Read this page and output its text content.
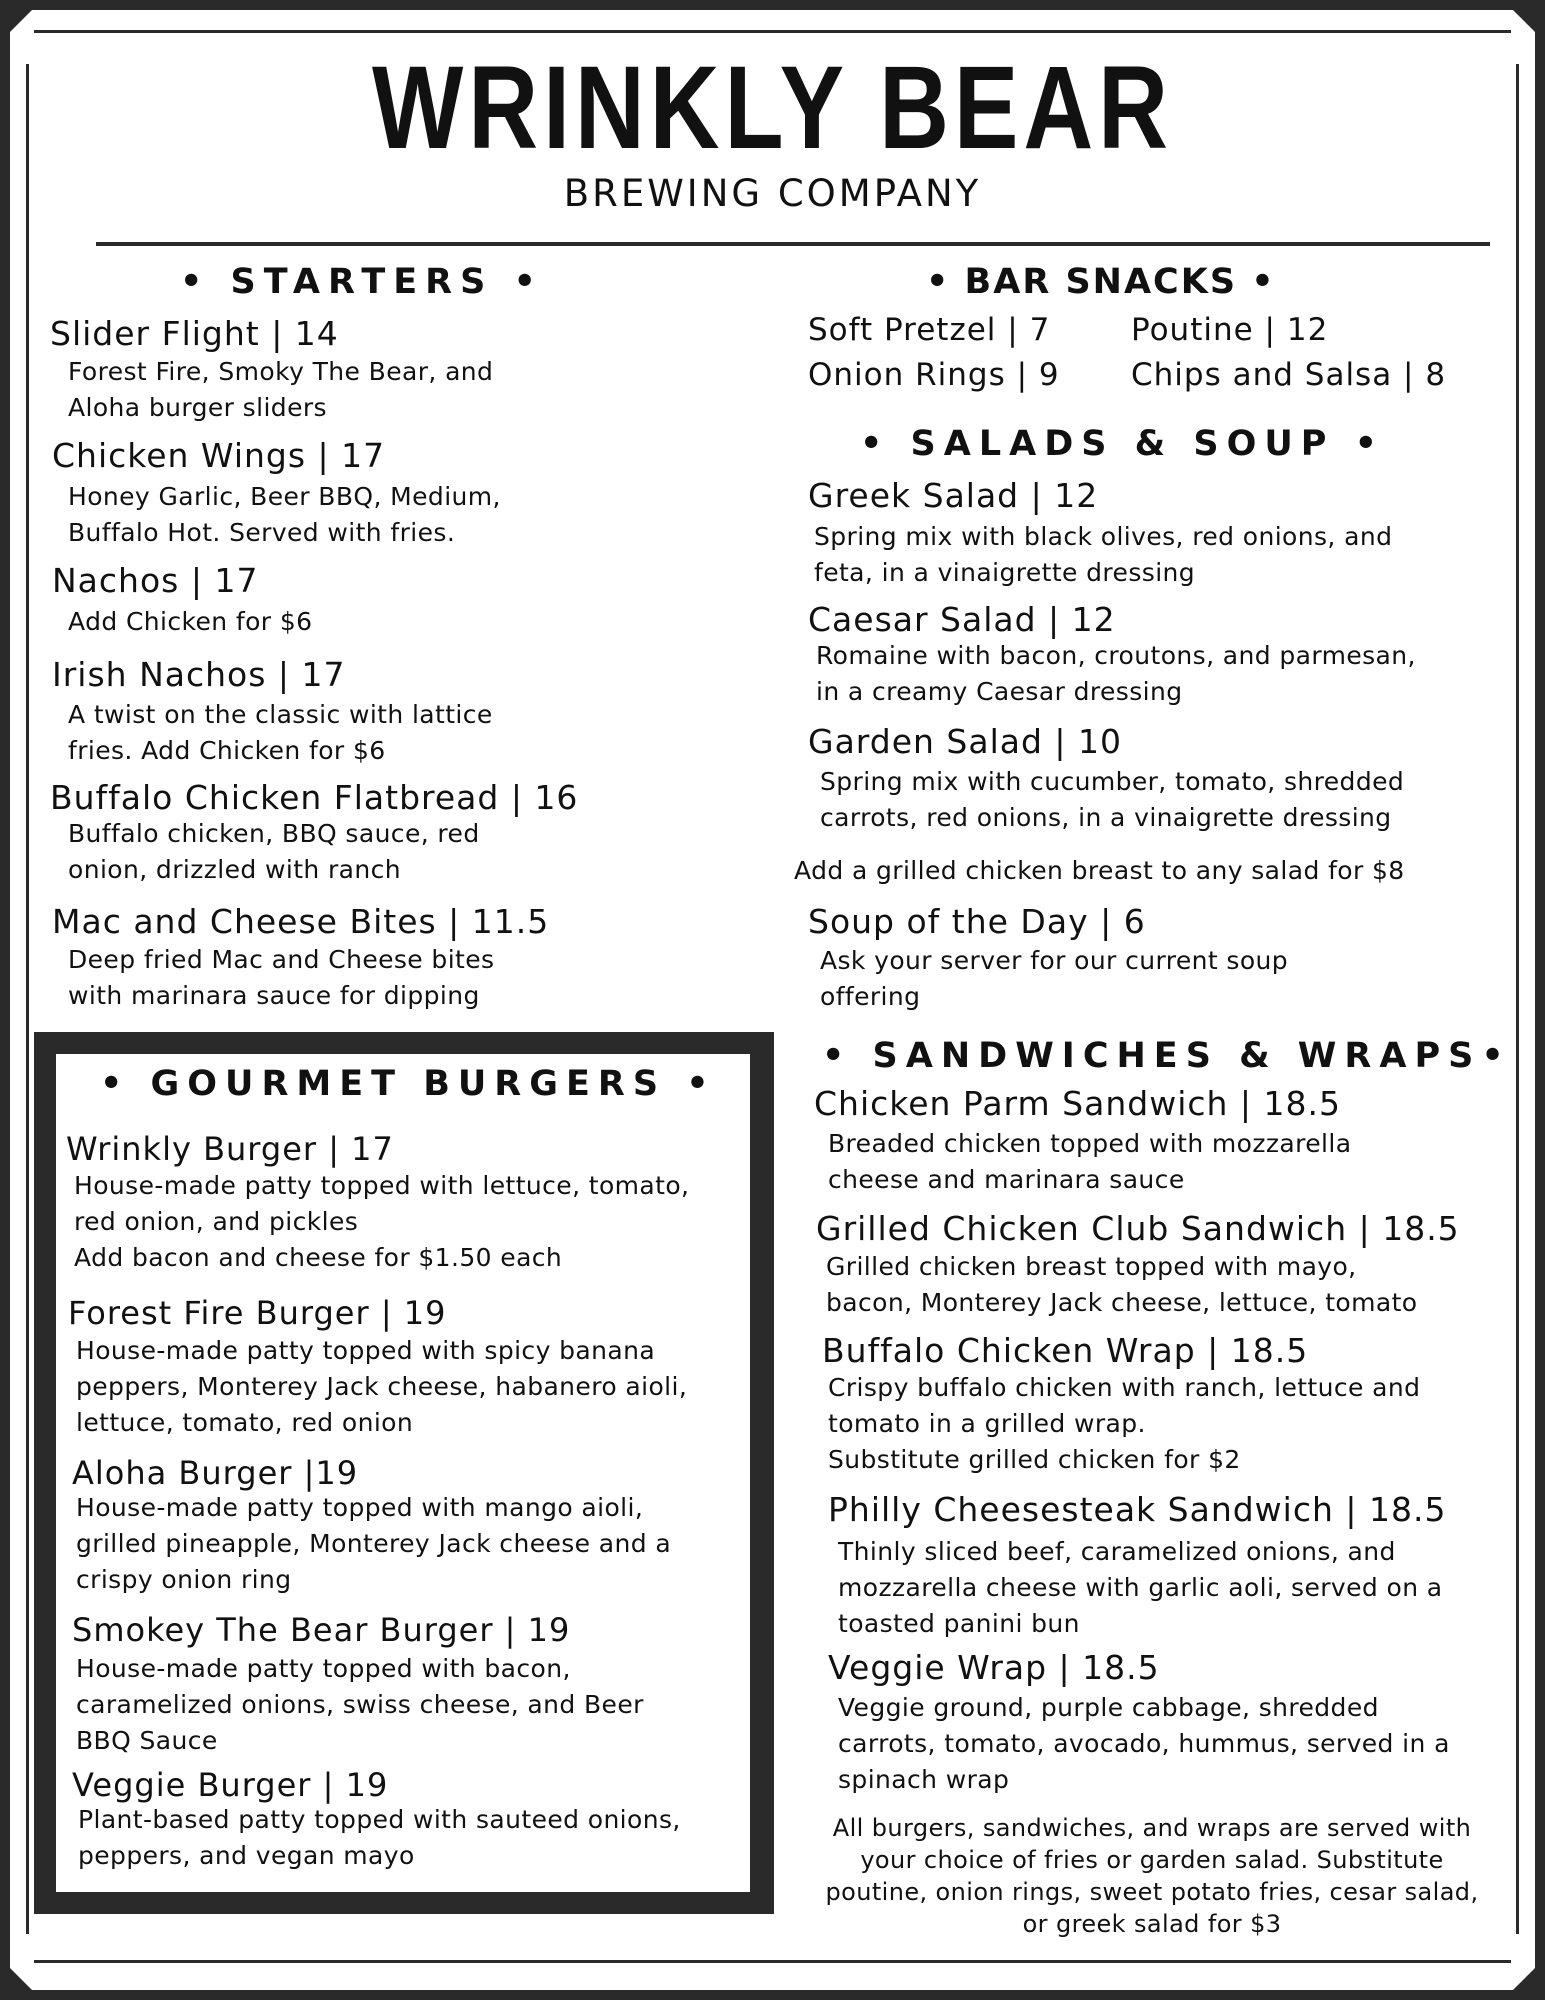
WRINKLY BEAR
BREWING COMPANY
• STARTERS •
Slider Flight | 14
Forest Fire, Smoky The Bear, and
Aloha burger sliders
Chicken Wings | 17
Honey Garlic, Beer BBQ, Medium,
Buffalo Hot. Served with fries.
Nachos | 17
Add Chicken for $6
Irish Nachos | 17
A twist on the classic with lattice
fries. Add Chicken for $6
Buffalo Chicken Flatbread | 16
Buffalo chicken, BBQ sauce, red
onion, drizzled with ranch
Mac and Cheese Bites | 11.5
Deep fried Mac and Cheese bites
with marinara sauce for dipping
• BAR SNACKS •
Soft Pretzel | 7	Poutine | 12
Onion Rings | 9 Chips and Salsa | 8
• SALADS & SOUP •
Greek Salad | 12
Spring mix with black olives, red onions, and
feta, in a vinaigrette dressing
Caesar Salad | 12
Romaine with bacon, croutons, and parmesan,
in a creamy Caesar dressing
Garden Salad | 10
Spring mix with cucumber, tomato, shredded
carrots, red onions, in a vinaigrette dressing
Add a grilled chicken breast to any salad for $8
Soup of the Day | 6
Ask your server for our current soup
offering
• GOURMET BURGERS •
Wrinkly Burger | 17
House-made patty topped with lettuce, tomato,
red onion, and pickles
Add bacon and cheese for $1.50 each
Forest Fire Burger | 19
House-made patty topped with spicy banana
peppers, Monterey Jack cheese, habanero aioli,
lettuce, tomato, red onion
Aloha Burger |19
House-made patty topped with mango aioli,
grilled pineapple, Monterey Jack cheese and a
crispy onion ring
Smokey The Bear Burger | 19
House-made patty topped with bacon,
caramelized onions, swiss cheese, and Beer
BBQ Sauce
Veggie Burger | 19
Plant-based patty topped with sauteed onions,
peppers, and vegan mayo
• SANDWICHES & WRAPS•
Chicken Parm Sandwich | 18.5
Breaded chicken topped with mozzarella
cheese and marinara sauce
Grilled Chicken Club Sandwich | 18.5
Grilled chicken breast topped with mayo,
bacon, Monterey Jack cheese, lettuce, tomato
Buffalo Chicken Wrap | 18.5
Crispy buffalo chicken with ranch, lettuce and
tomato in a grilled wrap.
Substitute grilled chicken for $2
Philly Cheesesteak Sandwich | 18.5
Thinly sliced beef, caramelized onions, and
mozzarella cheese with garlic aoli, served on a
toasted panini bun
Veggie Wrap | 18.5
Veggie ground, purple cabbage, shredded
carrots, tomato, avocado, hummus, served in a
spinach wrap
All burgers, sandwiches, and wraps are served with
your choice of fries or garden salad. Substitute
poutine, onion rings, sweet potato fries, cesar salad,
or greek salad for $3
